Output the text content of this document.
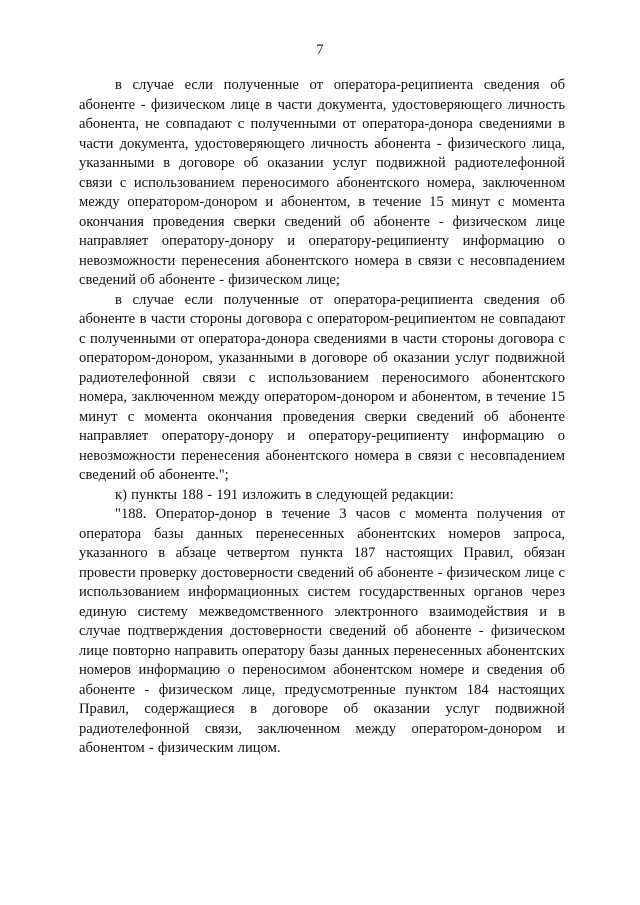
7

в случае если полученные от оператора-реципиента сведения об абоненте - физическом лице в части документа, удостоверяющего личность абонента, не совпадают с полученными от оператора-донора сведениями в части документа, удостоверяющего личность абонента - физического лица, указанными в договоре об оказании услуг подвижной радиотелефонной связи с использованием переносимого абонентского номера, заключенном между оператором-донором и абонентом, в течение 15 минут с момента окончания проведения сверки сведений об абоненте - физическом лице направляет оператору-донору и оператору-реципиенту информацию о невозможности перенесения абонентского номера в связи с несовпадением сведений об абоненте - физическом лице;

в случае если полученные от оператора-реципиента сведения об абоненте в части стороны договора с оператором-реципиентом не совпадают с полученными от оператора-донора сведениями в части стороны договора с оператором-донором, указанными в договоре об оказании услуг подвижной радиотелефонной связи с использованием переносимого абонентского номера, заключенном между оператором-донором и абонентом, в течение 15 минут с момента окончания проведения сверки сведений об абоненте направляет оператору-донору и оператору-реципиенту информацию о невозможности перенесения абонентского номера в связи с несовпадением сведений об абоненте.";

к) пункты 188 - 191 изложить в следующей редакции:

"188. Оператор-донор в течение 3 часов с момента получения от оператора базы данных перенесенных абонентских номеров запроса, указанного в абзаце четвертом пункта 187 настоящих Правил, обязан провести проверку достоверности сведений об абоненте - физическом лице с использованием информационных систем государственных органов через единую систему межведомственного электронного взаимодействия и в случае подтверждения достоверности сведений об абоненте - физическом лице повторно направить оператору базы данных перенесенных абонентских номеров информацию о переносимом абонентском номере и сведения об абоненте - физическом лице, предусмотренные пунктом 184 настоящих Правил, содержащиеся в договоре об оказании услуг подвижной радиотелефонной связи, заключенном между оператором-донором и абонентом - физическим лицом.
